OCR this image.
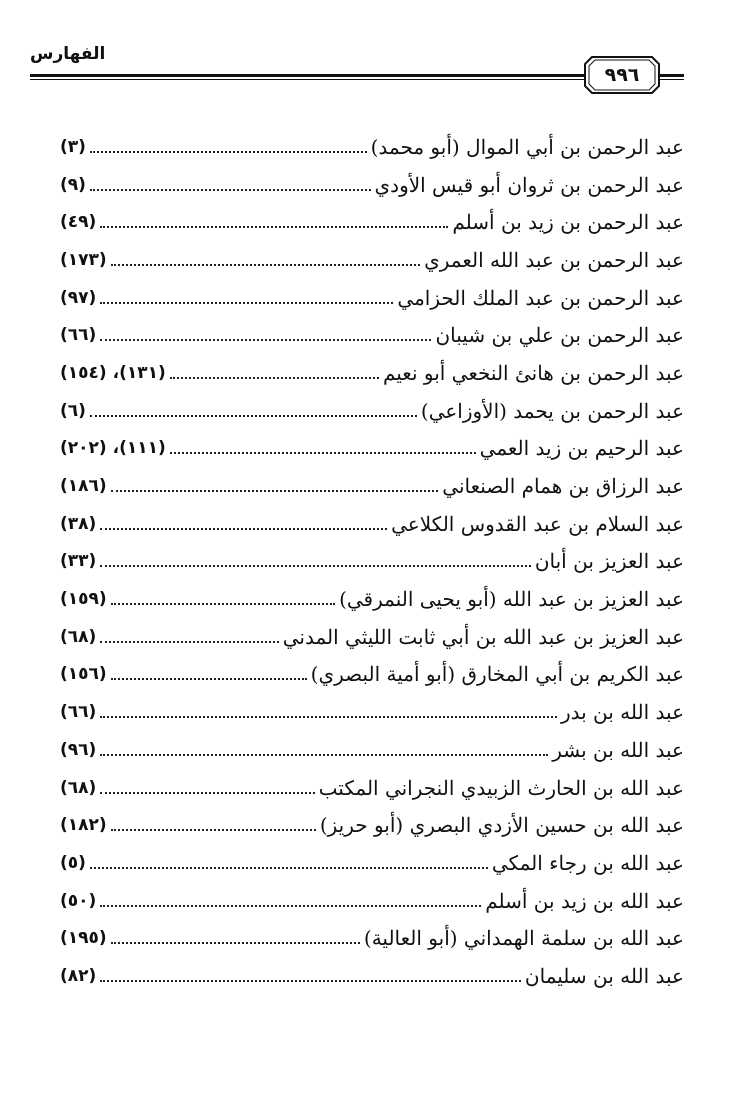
الفهارس
٩٩٦
عبد الرحمن بن أبي الموال (أبو محمد)
(٣)
عبد الرحمن بن ثروان أبو قيس الأودي
(٩)
عبد الرحمن بن زيد بن أسلم
(٤٩)
عبد الرحمن بن عبد الله العمري
(١٧٣)
عبد الرحمن بن عبد الملك الحزامي
(٩٧)
عبد الرحمن بن علي بن شيبان
(٦٦)
عبد الرحمن بن هانئ النخعي أبو نعيم
(١٣١)، (١٥٤)
عبد الرحمن بن يحمد (الأوزاعي)
(٦)
عبد الرحيم بن زيد العمي
(١١١)، (٢٠٢)
عبد الرزاق بن همام الصنعاني
(١٨٦)
عبد السلام بن عبد القدوس الكلاعي
(٣٨)
عبد العزيز بن أبان
(٣٣)
عبد العزيز بن عبد الله (أبو يحيى النمرقي)
(١٥٩)
عبد العزيز بن عبد الله بن أبي ثابت الليثي المدني
(٦٨)
عبد الكريم بن أبي المخارق (أبو أمية البصري)
(١٥٦)
عبد الله بن بدر
(٦٦)
عبد الله بن بشر
(٩٦)
عبد الله بن الحارث الزبيدي النجراني المكتب
(٦٨)
عبد الله بن حسين الأزدي البصري (أبو حريز)
(١٨٢)
عبد الله بن رجاء المكي
(٥)
عبد الله بن زيد بن أسلم
(٥٠)
عبد الله بن سلمة الهمداني (أبو العالية)
(١٩٥)
عبد الله بن سليمان
(٨٢)
